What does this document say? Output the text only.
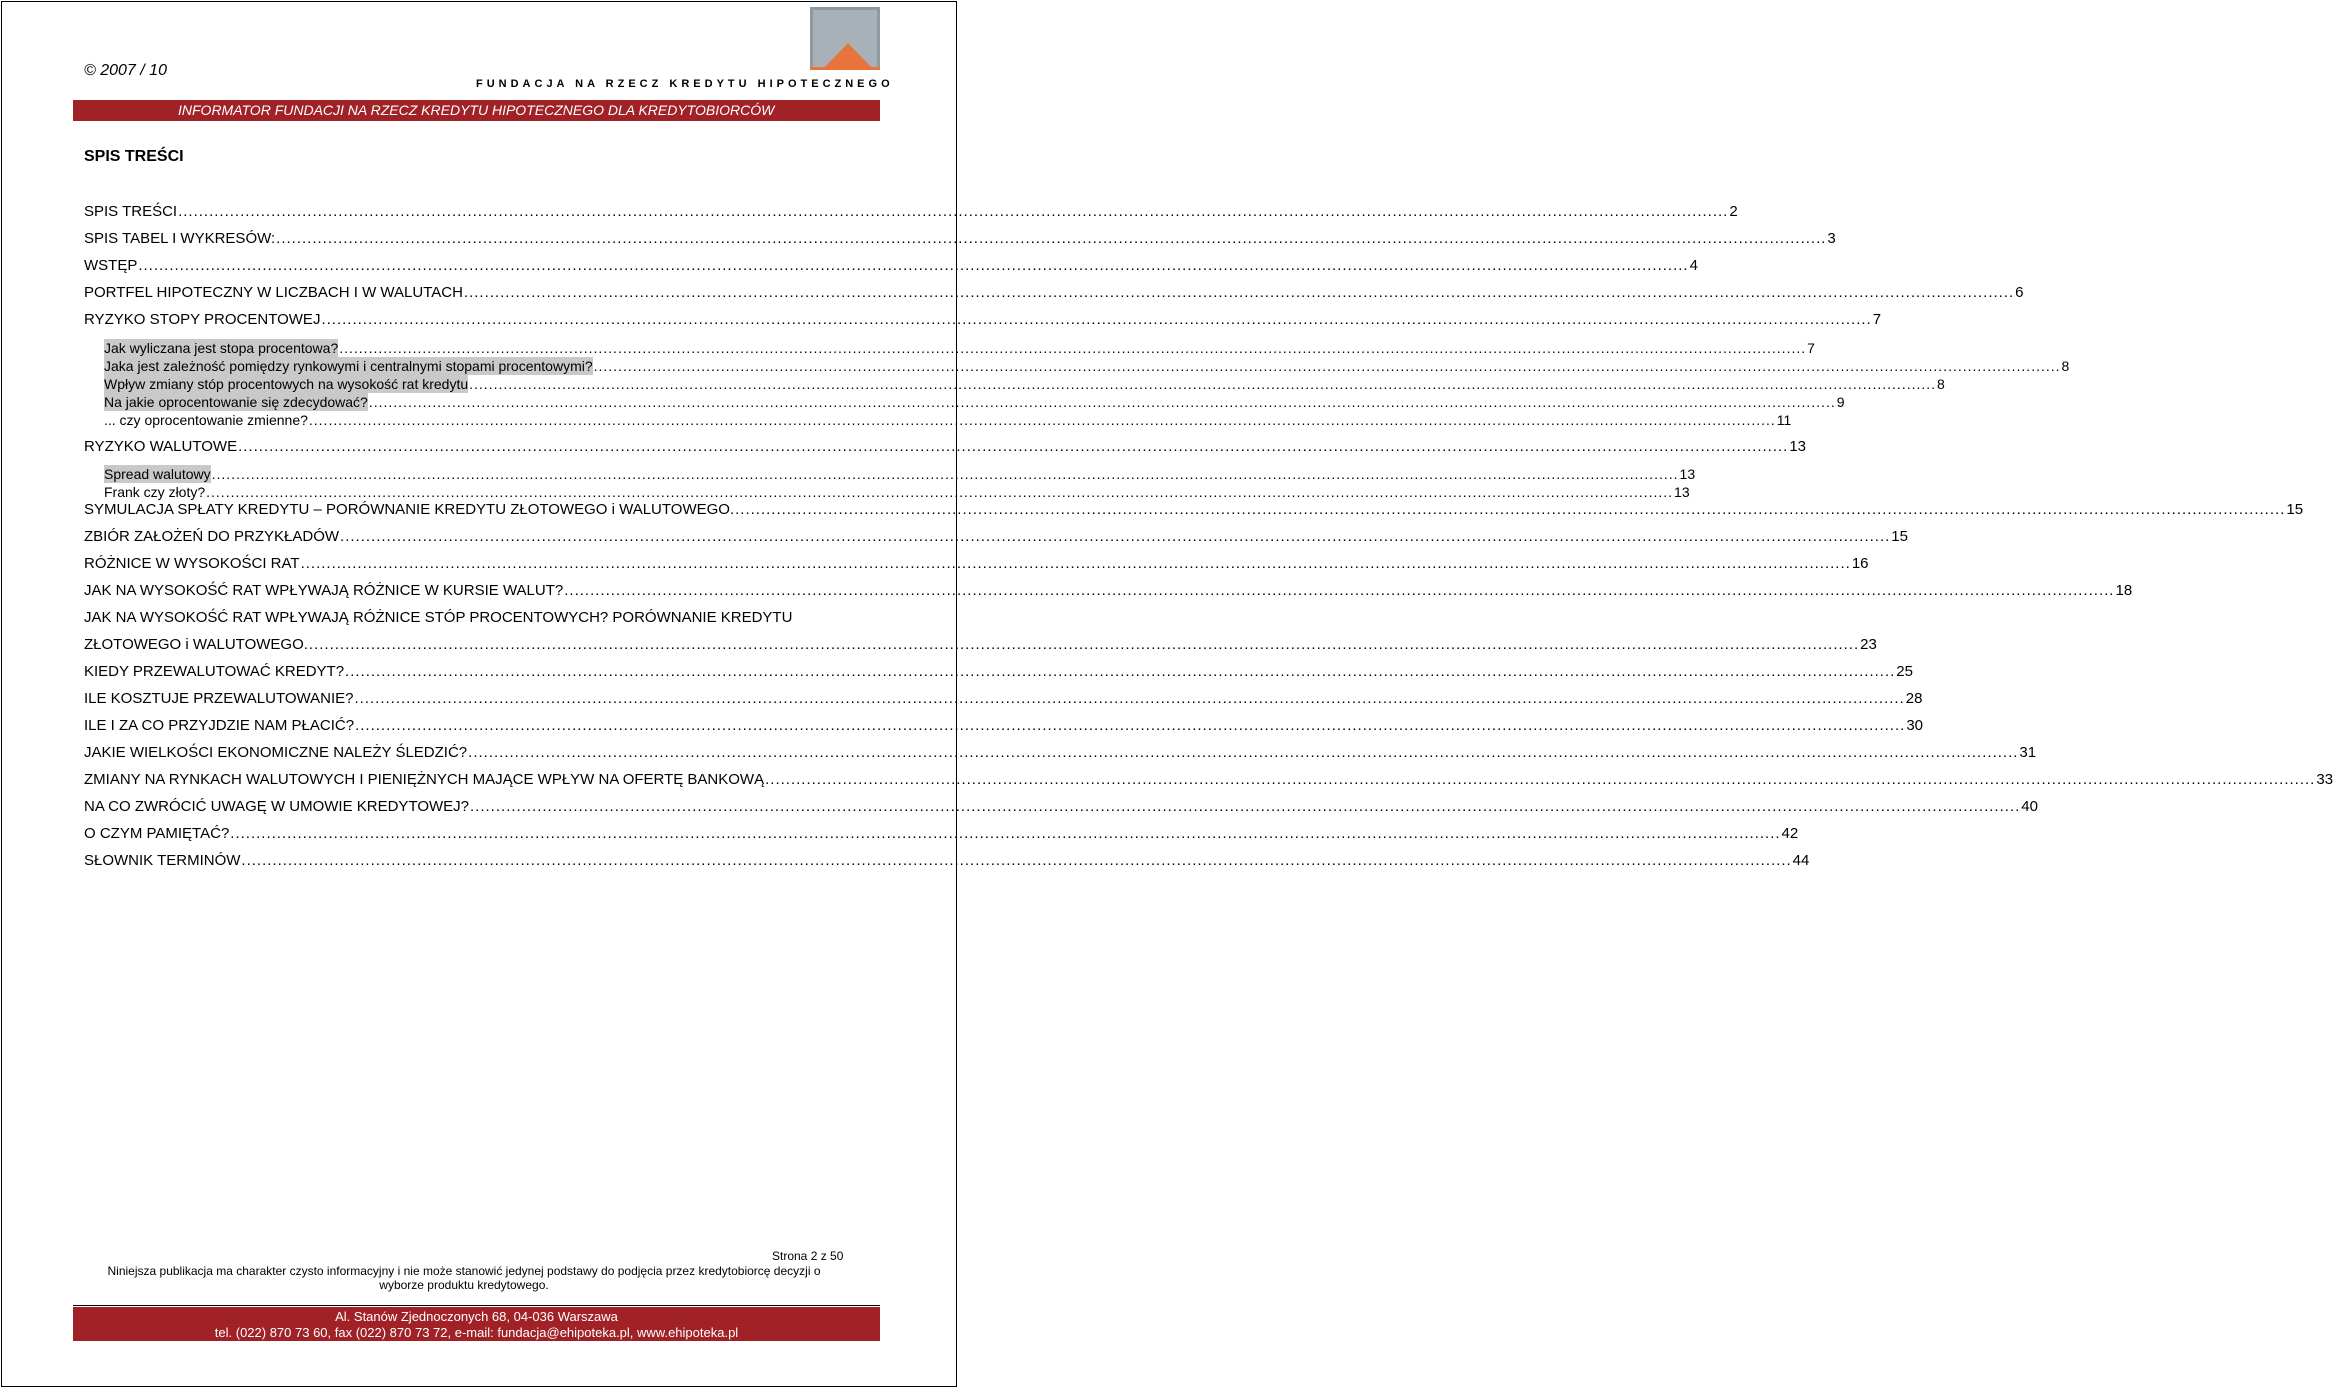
© 2007 / 10
FUNDACJA NA RZECZ KREDYTU HIPOTECZNEGO
INFORMATOR FUNDACJI NA RZECZ KREDYTU HIPOTECZNEGO DLA KREDYTOBIORCÓW
SPIS TREŚCI
SPIS TREŚCI ............................................................................................................................................................................................................................................................................................................ 2
SPIS TABEL I WYKRESÓW: ............................................................................................................................................................................................................................................................................................................ 3
WSTĘP ............................................................................................................................................................................................................................................................................................................ 4
PORTFEL HIPOTECZNY W LICZBACH I W WALUTACH ............................................................................................................................................................................................................................................................................................................ 6
RYZYKO STOPY PROCENTOWEJ ............................................................................................................................................................................................................................................................................................................ 7
Jak wyliczana jest stopa procentowa? ............................................................................................................................................................................................................................................................................................................ 7
Jaka jest zależność pomiędzy rynkowymi i centralnymi stopami procentowymi? ............................................................................................................................................................................................................................................................................................................ 8
Wpływ zmiany stóp procentowych na wysokość rat kredytu ............................................................................................................................................................................................................................................................................................................ 8
Na jakie oprocentowanie się zdecydować? ............................................................................................................................................................................................................................................................................................................ 9
... czy oprocentowanie zmienne? ............................................................................................................................................................................................................................................................................................................ 11
RYZYKO WALUTOWE ............................................................................................................................................................................................................................................................................................................ 13
Spread walutowy ............................................................................................................................................................................................................................................................................................................ 13
Frank czy złoty? ............................................................................................................................................................................................................................................................................................................ 13
SYMULACJA SPŁATY KREDYTU – PORÓWNANIE KREDYTU ZŁOTOWEGO i WALUTOWEGO. ............................................................................................................................................................................................................................................................................................................ 15
ZBIÓR ZAŁOŻEŃ DO PRZYKŁADÓW ............................................................................................................................................................................................................................................................................................................ 15
RÓŻNICE W WYSOKOŚCI RAT ............................................................................................................................................................................................................................................................................................................ 16
JAK NA WYSOKOŚĆ RAT WPŁYWAJĄ RÓŻNICE W KURSIE WALUT? ............................................................................................................................................................................................................................................................................................................ 18
JAK NA WYSOKOŚĆ RAT WPŁYWAJĄ RÓŻNICE STÓP PROCENTOWYCH? PORÓWNANIE KREDYTU
ZŁOTOWEGO i WALUTOWEGO. ............................................................................................................................................................................................................................................................................................................ 23
KIEDY PRZEWALUTOWAĆ KREDYT? ............................................................................................................................................................................................................................................................................................................ 25
ILE KOSZTUJE PRZEWALUTOWANIE? ............................................................................................................................................................................................................................................................................................................ 28
ILE I ZA CO PRZYJDZIE NAM PŁACIĆ? ............................................................................................................................................................................................................................................................................................................ 30
JAKIE WIELKOŚCI EKONOMICZNE NALEŻY ŚLEDZIĆ? ............................................................................................................................................................................................................................................................................................................ 31
ZMIANY NA RYNKACH WALUTOWYCH I PIENIĘŻNYCH MAJĄCE WPŁYW NA OFERTĘ BANKOWĄ ............................................................................................................................................................................................................................................................................................................ 33
NA CO ZWRÓCIĆ UWAGĘ W UMOWIE KREDYTOWEJ? ............................................................................................................................................................................................................................................................................................................ 40
O CZYM PAMIĘTAĆ? ............................................................................................................................................................................................................................................................................................................ 42
SŁOWNIK TERMINÓW ............................................................................................................................................................................................................................................................................................................ 44
Strona 2 z 50
Niniejsza publikacja ma charakter czysto informacyjny i nie może stanowić jedynej podstawy do podjęcia przez kredytobiorcę decyzji o wyborze produktu kredytowego.
Al. Stanów Zjednoczonych 68, 04-036 Warszawa
tel. (022) 870 73 60, fax (022) 870 73 72, e-mail: fundacja@ehipoteka.pl, www.ehipoteka.pl
